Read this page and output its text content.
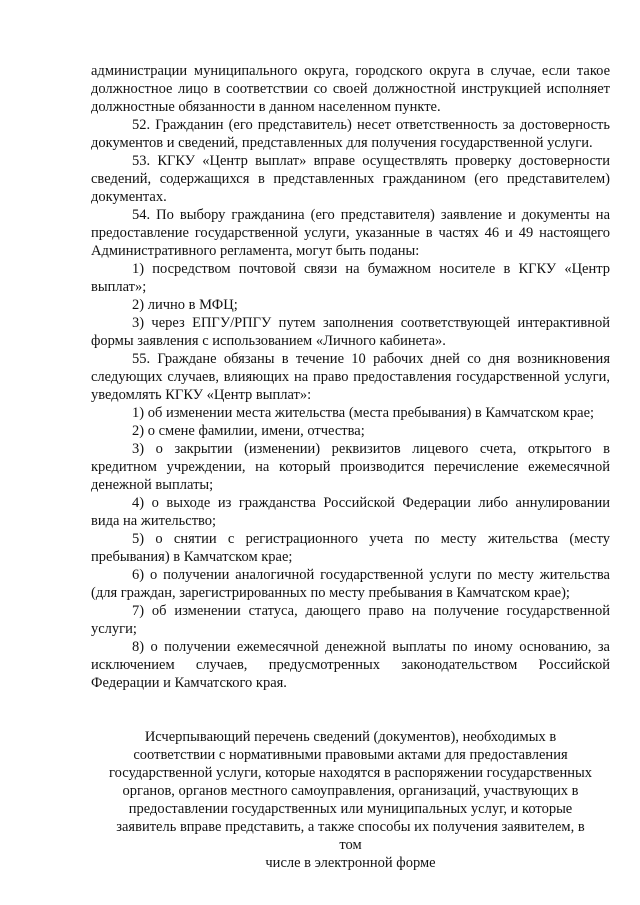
администрации муниципального округа, городского округа в случае, если такое должностное лицо в соответствии со своей должностной инструкцией исполняет должностные обязанности в данном населенном пункте.

52. Гражданин (его представитель) несет ответственность за достоверность документов и сведений, представленных для получения государственной услуги.

53. КГКУ «Центр выплат» вправе осуществлять проверку достоверности сведений, содержащихся в представленных гражданином (его представителем) документах.

54. По выбору гражданина (его представителя) заявление и документы на предоставление государственной услуги, указанные в частях 46 и 49 настоящего Административного регламента, могут быть поданы:

1) посредством почтовой связи на бумажном носителе в КГКУ «Центр выплат»;

2) лично в МФЦ;

3) через ЕПГУ/РПГУ путем заполнения соответствующей интерактивной формы заявления с использованием «Личного кабинета».

55. Граждане обязаны в течение 10 рабочих дней со дня возникновения следующих случаев, влияющих на право предоставления государственной услуги, уведомлять КГКУ «Центр выплат»:

1) об изменении места жительства (места пребывания) в Камчатском крае;

2) о смене фамилии, имени, отчества;

3) о закрытии (изменении) реквизитов лицевого счета, открытого в кредитном учреждении, на который производится перечисление ежемесячной денежной выплаты;

4) о выходе из гражданства Российской Федерации либо аннулировании вида на жительство;

5) о снятии с регистрационного учета по месту жительства (месту пребывания) в Камчатском крае;

6) о получении аналогичной государственной услуги по месту жительства (для граждан, зарегистрированных по месту пребывания в Камчатском крае);

7) об изменении статуса, дающего право на получение государственной услуги;

8) о получении ежемесячной денежной выплаты по иному основанию, за исключением случаев, предусмотренных законодательством Российской Федерации и Камчатского края.

Исчерпывающий перечень сведений (документов), необходимых в
соответствии с нормативными правовыми актами для предоставления
государственной услуги, которые находятся в распоряжении государственных
органов, органов местного самоуправления, организаций, участвующих в
предоставлении государственных или муниципальных услуг, и которые
заявитель вправе представить, а также способы их получения заявителем, в том
числе в электронной форме
